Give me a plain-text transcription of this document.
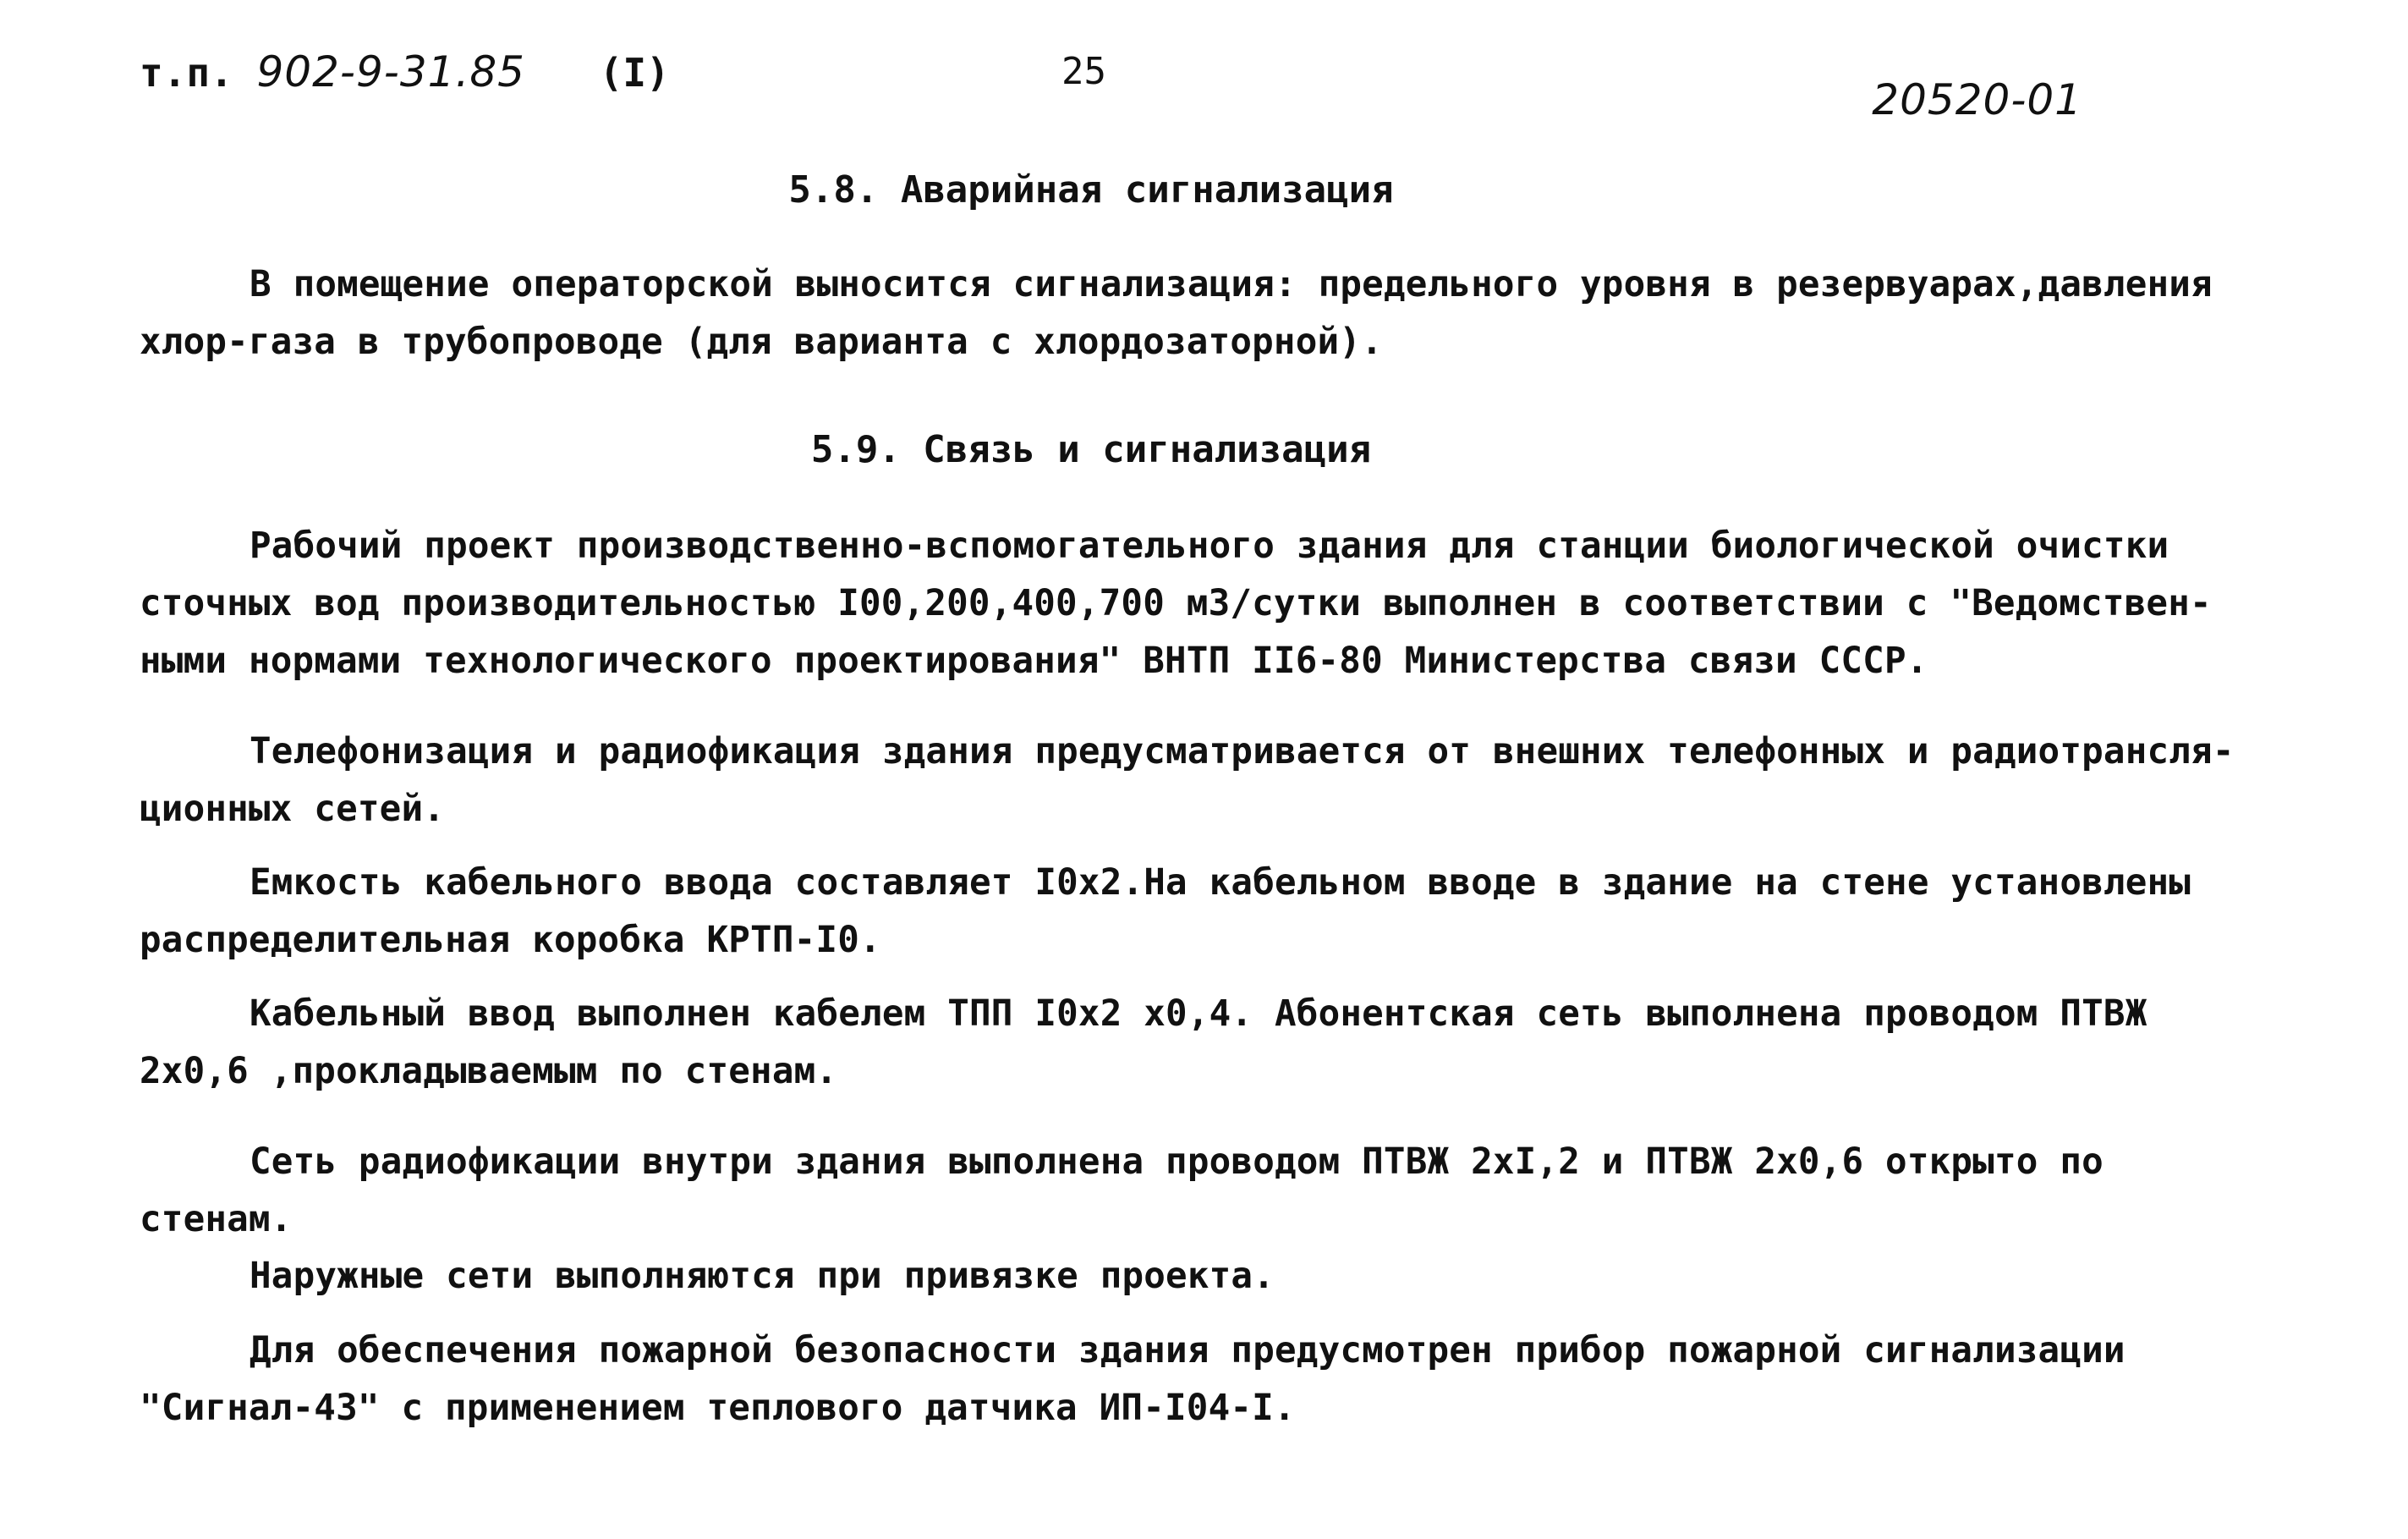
т.п. 902-9-31.85 (I)	25
20520-01
5.8. Аварийная сигнализация

В помещение операторской выносится сигнализация: предельного уровня в резервуарах,давления
хлор-газа в трубопроводе (для варианта с хлордозаторной).

5.9. Связь и сигнализация

Рабочий проект производственно-вспомогательного здания для станции биологической очистки
сточных вод производительностью I00,200,400,700 м3/сутки выполнен в соответствии с "Ведомствен-
ными нормами технологического проектирования" ВНТП II6-80 Министерства связи СССР.

Телефонизация и радиофикация здания предусматривается от внешних телефонных и радиотрансля-
ционных сетей.

Емкость кабельного ввода составляет I0х2.На кабельном вводе в здание на стене установлены
распределительная коробка КРТП-I0.

Кабельный ввод выполнен кабелем ТПП I0х2 х0,4. Абонентская сеть выполнена проводом ПТВЖ
2х0,6 ,прокладываемым по стенам.

Сеть радиофикации внутри здания выполнена проводом ПТВЖ 2хI,2 и ПТВЖ 2х0,6 открыто по
стенам.

Наружные сети выполняются при привязке проекта.

Для обеспечения пожарной безопасности здания предусмотрен прибор пожарной сигнализации
"Сигнал-43" с применением теплового датчика ИП-I04-I.
